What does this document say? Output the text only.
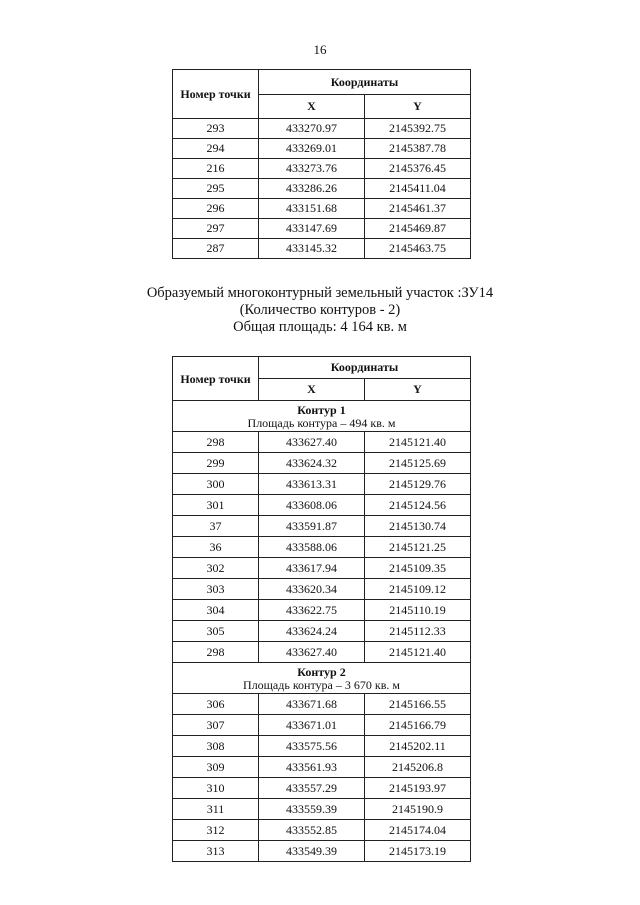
16
Номер точки	Координаты	
	X	Y
293	433270.97	2145392.75
294	433269.01	2145387.78
216	433273.76	2145376.45
295	433286.26	2145411.04
296	433151.68	2145461.37
297	433147.69	2145469.87
287	433145.32	2145463.75
Образуемый многоконтурный земельный участок :ЗУ14
(Количество контуров - 2)
Общая площадь: 4 164 кв. м
Номер точки	Координаты	
	X	Y

Контур 1
Площадь контура – 494 кв. м		

298	433627.40	2145121.40
299	433624.32	2145125.69
300	433613.31	2145129.76
301	433608.06	2145124.56
37	433591.87	2145130.74
36	433588.06	2145121.25
302	433617.94	2145109.35
303	433620.34	2145109.12
304	433622.75	2145110.19
305	433624.24	2145112.33
298	433627.40	2145121.40

Контур 2
Площадь контура – 3 670 кв. м		

306	433671.68	2145166.55
307	433671.01	2145166.79
308	433575.56	2145202.11
309	433561.93	2145206.8
310	433557.29	2145193.97
311	433559.39	2145190.9
312	433552.85	2145174.04
313	433549.39	2145173.19
